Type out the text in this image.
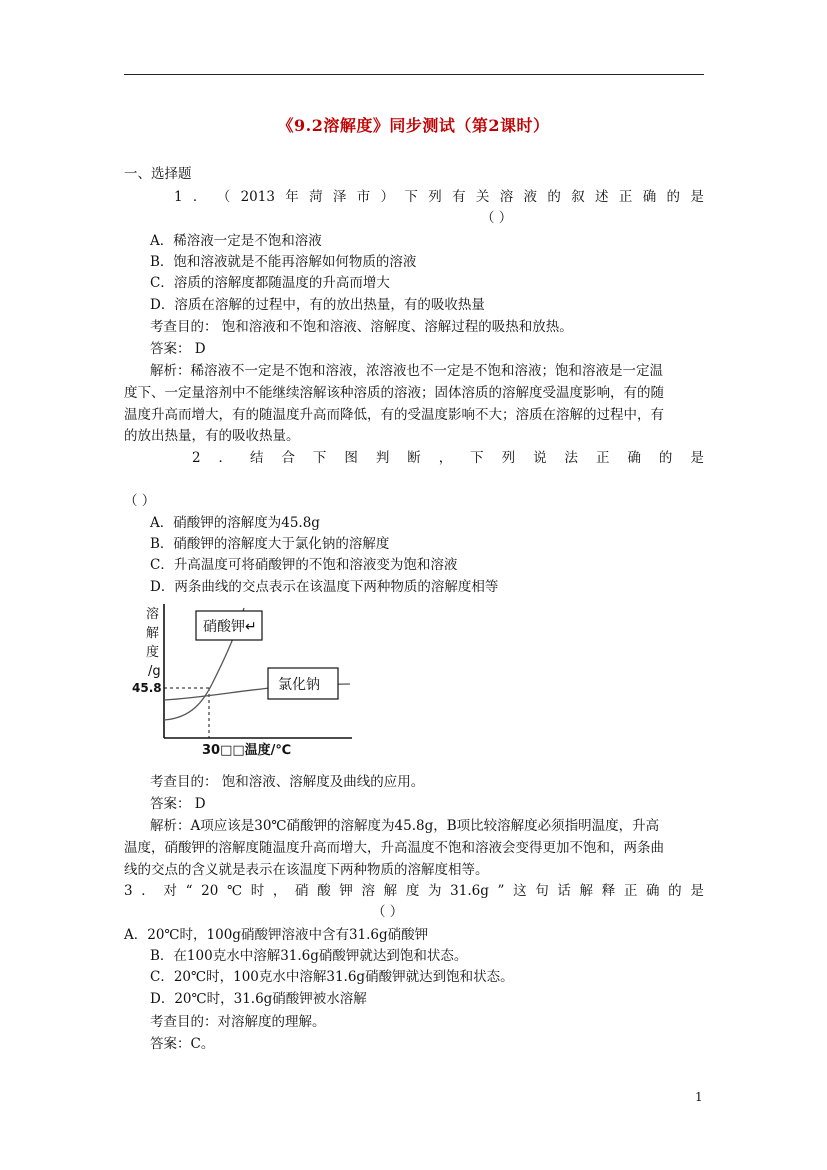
《9.2溶解度》同步测试（第2课时）
一、选择题
1 ． （ 2013 年 菏 泽 市 ） 下 列 有 关 溶 液 的 叙 述 正 确 的 是
（ ）
A．稀溶液一定是不饱和溶液
B．饱和溶液就是不能再溶解如何物质的溶液
C．溶质的溶解度都随温度的升高而增大
D．溶质在溶解的过程中，有的放出热量，有的吸收热量
考查目的： 饱和溶液和不饱和溶液、溶解度、溶解过程的吸热和放热。
答案： D
解析：稀溶液不一定是不饱和溶液，浓溶液也不一定是不饱和溶液；饱和溶液是一定温
度下、一定量溶剂中不能继续溶解该种溶质的溶液；固体溶质的溶解度受温度影响，有的随
温度升高而增大，有的随温度升高而降低，有的受温度影响不大；溶质在溶解的过程中，有
的放出热量，有的吸收热量。
2 ． 结 合 下 图 判 断 ， 下 列 说 法 正 确 的 是
（ ）
A．硝酸钾的溶解度为45.8g
B．硝酸钾的溶解度大于氯化钠的溶解度
C．升高温度可将硝酸钾的不饱和溶液变为饱和溶液
D．两条曲线的交点表示在该温度下两种物质的溶解度相等
溶
解
度
/g
45.8
硝酸钾↵
氯化钠
30□□温度/℃
考查目的： 饱和溶液、溶解度及曲线的应用。
答案： D
解析：A项应该是30℃硝酸钾的溶解度为45.8g，B项比较溶解度必须指明温度，升高
温度，硝酸钾的溶解度随温度升高而增大，升高温度不饱和溶液会变得更加不饱和，两条曲
线的交点的含义就是表示在该温度下两种物质的溶解度相等。
3 ． 对 “ 20 ℃ 时 ， 硝 酸 钾 溶 解 度 为 31.6g ” 这 句 话 解 释 正 确 的 是
（ ）
A．20℃时，100g硝酸钾溶液中含有31.6g硝酸钾
B．在100克水中溶解31.6g硝酸钾就达到饱和状态。
C．20℃时，100克水中溶解31.6g硝酸钾就达到饱和状态。
D．20℃时，31.6g硝酸钾被水溶解
考查目的：对溶解度的理解。
答案：C。
1
